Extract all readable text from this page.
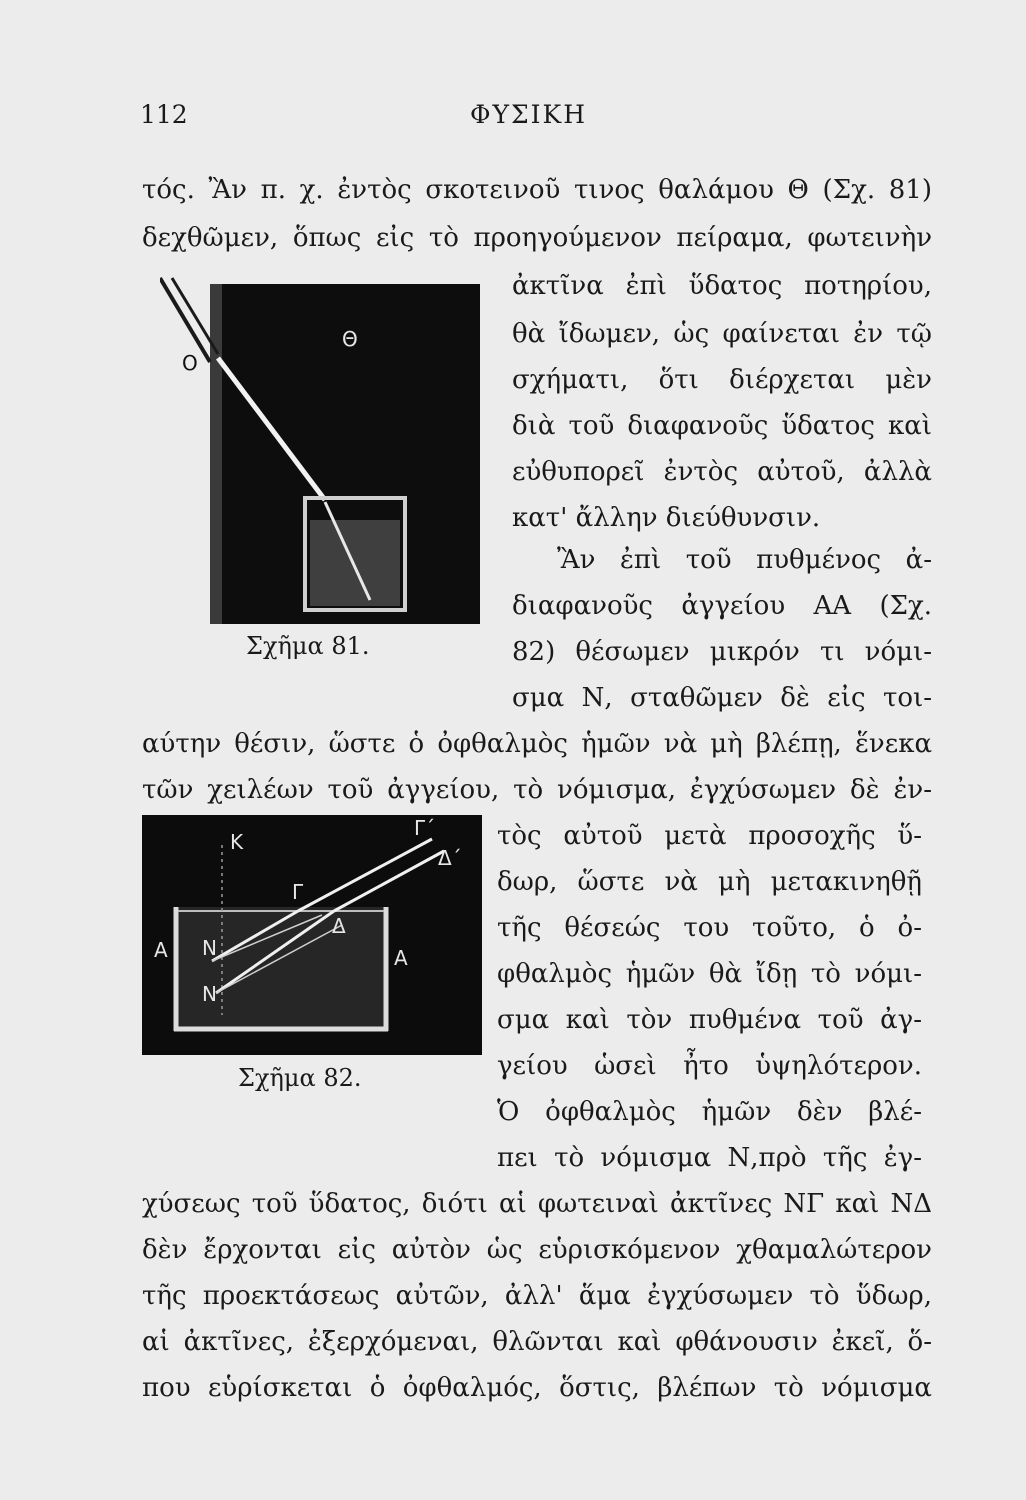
112	ΦΥΣΙΚΗ
τός. Ἂν π. χ. ἐντὸς σκοτεινοῦ τινος θαλάμου Θ (Σχ. 81)
δεχθῶμεν, ὅπως εἰς τὸ προηγούμενον πείραμα, φωτεινὴν
ἀκτῖνα ἐπὶ ὕδατος ποτηρίου,
θὰ ἴδωμεν, ὡς φαίνεται ἐν τῷ
σχήματι, ὅτι διέρχεται μὲν
διὰ τοῦ διαφανοῦς ὕδατος καὶ
εὐθυπορεῖ ἐντὸς αὐτοῦ, ἀλλὰ
κατ' ἄλλην διεύθυνσιν.
Ἂν ἐπὶ τοῦ πυθμένος ἀ-
διαφανοῦς ἀγγείου ΑΑ (Σχ.
82) θέσωμεν μικρόν τι νόμι-
σμα Ν, σταθῶμεν δὲ εἰς τοι-
αύτην θέσιν, ὥστε ὁ ὀφθαλμὸς ἡμῶν νὰ μὴ βλέπῃ, ἕνεκα
τῶν χειλέων τοῦ ἀγγείου, τὸ νόμισμα, ἐγχύσωμεν δὲ ἐν-
τὸς αὐτοῦ μετὰ προσοχῆς ὕ-
δωρ, ὥστε νὰ μὴ μετακινηθῇ
τῆς θέσεώς του τοῦτο, ὁ ὀ-
φθαλμὸς ἡμῶν θὰ ἴδῃ τὸ νόμι-
σμα καὶ τὸν πυθμένα τοῦ ἀγ-
γείου ὡσεὶ ἦτο ὑψηλότερον.
Ὁ ὀφθαλμὸς ἡμῶν δὲν βλέ-
πει τὸ νόμισμα Ν,πρὸ τῆς ἐγ-
χύσεως τοῦ ὕδατος, διότι αἱ φωτειναὶ ἀκτῖνες ΝΓ καὶ ΝΔ
δὲν ἔρχονται εἰς αὐτὸν ὡς εὑρισκόμενον χθαμαλώτερον
τῆς προεκτάσεως αὐτῶν, ἀλλ' ἅμα ἐγχύσωμεν τὸ ὕδωρ,
αἱ ἀκτῖνες, ἐξερχόμεναι, θλῶνται καὶ φθάνουσιν ἐκεῖ, ὅ-
που εὑρίσκεται ὁ ὀφθαλμός, ὅστις, βλέπων τὸ νόμισμα
Θ
Ο
Σχῆμα 81.
Κ
Γ΄
Δ΄
Γ
Δ
Α	Α
Ν
Ν
Σχῆμα 82.
